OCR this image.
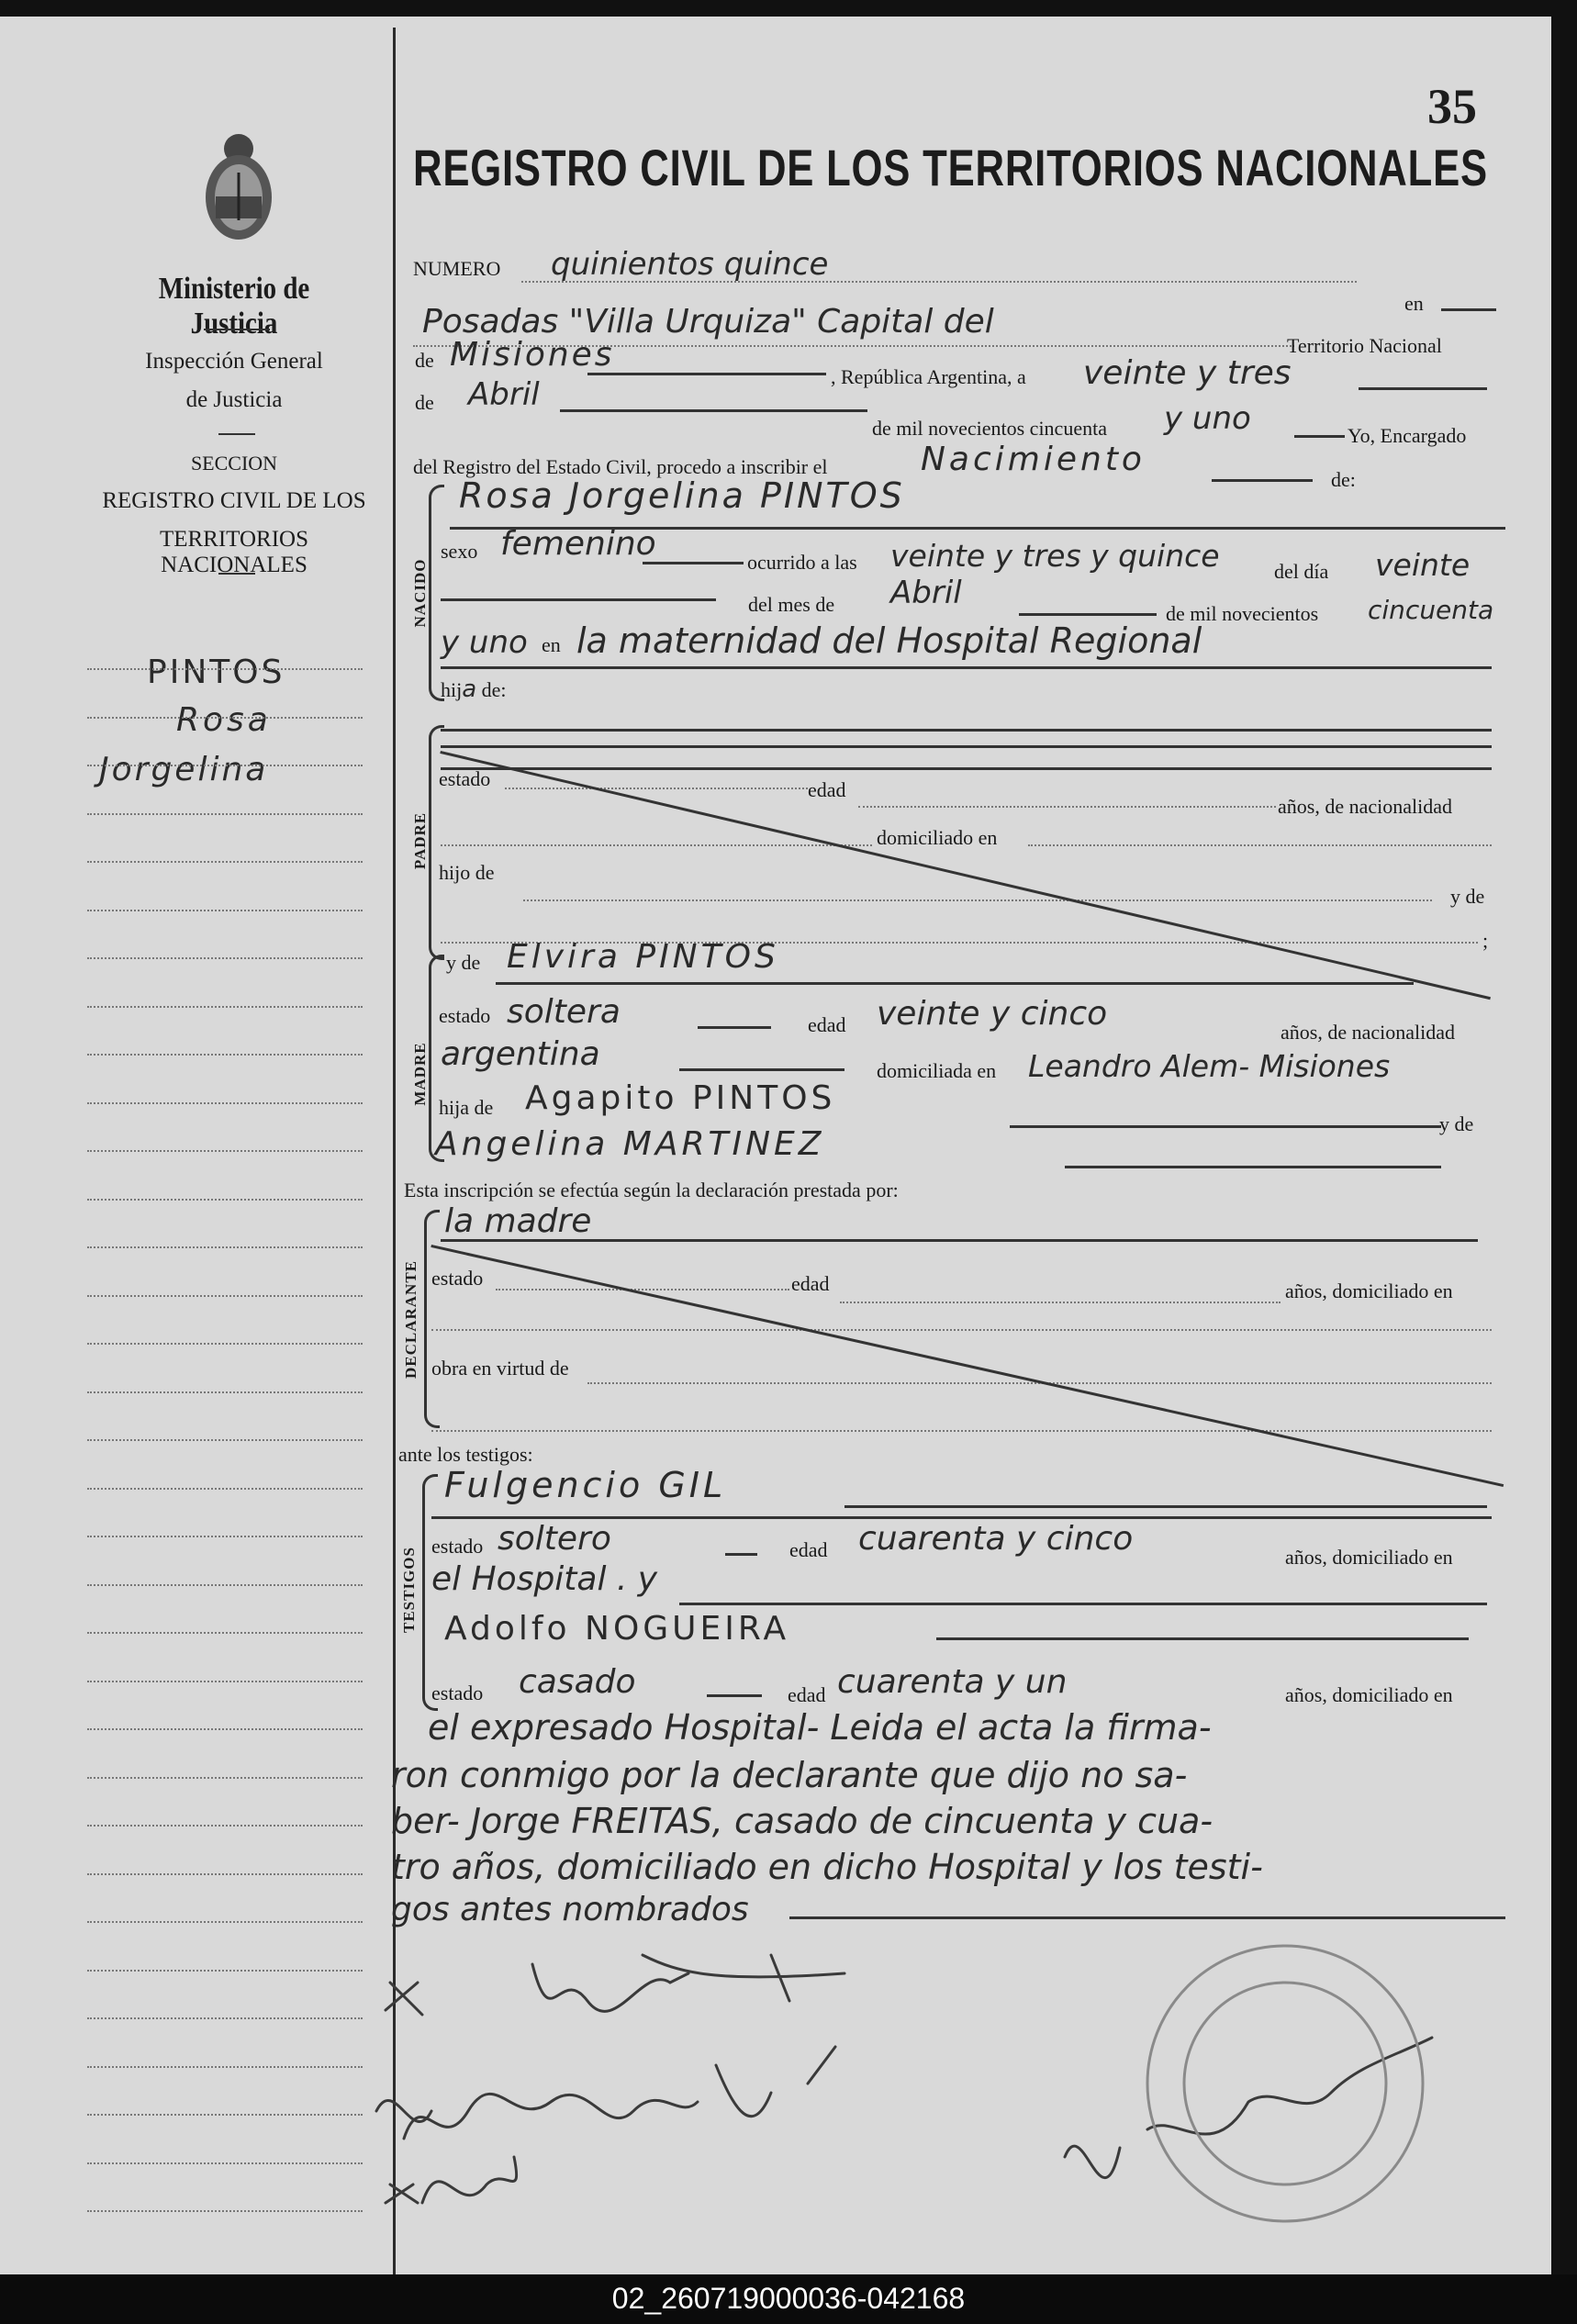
35
REGISTRO CIVIL DE LOS TERRITORIOS NACIONALES
Ministerio de Justicia
Inspección General
de Justicia
SECCION
REGISTRO CIVIL DE LOS
TERRITORIOS NACIONALES
PINTOS
Rosa
Jorgelina
NUMERO quinientos quince
en
Posadas "Villa Urquiza" Capital del
Territorio Nacional
de Misiones
, República Argentina, a veinte y tres
de Abril
de mil novecientos cincuenta y uno	Yo, Encargado
del Registro del Estado Civil, procedo a inscribir el	Nacimiento
de:
NACIDO
Rosa Jorgelina PINTOS
sexo femenino	ocurrido a las veinte y tres y quince	del día veinte
del mes de Abril
de mil novecientos cincuenta
y uno en la maternidad del Hospital Regional
hija de:
PADRE
estado	edad
años, de nacionalidad
domiciliado en
hijo de
y de
;
MADRE
y de Elvira PINTOS
estado soltera	edad veinte y cinco	años, de nacionalidad
argentina	domiciliada en Leandro Alem- Misiones
hija de Agapito PINTOS
y de
Angelina MARTINEZ
Esta inscripción se efectúa según la declaración prestada por:
DECLARANTE
la madre
estado	edad	años, domiciliado en
obra en virtud de
ante los testigos:
TESTIGOS
Fulgencio GIL
estado soltero	edad cuarenta y cinco	años, domiciliado en
el Hospital . y
Adolfo NOGUEIRA
estado casado	edad cuarenta y un	años, domiciliado en
el expresado Hospital- Leida el acta la firma-
ron conmigo por la declarante que dijo no sa-
ber- Jorge FREITAS, casado de cincuenta y cua-
tro años, domiciliado en dicho Hospital y los testi-
gos antes nombrados
02_260719000036-042168
